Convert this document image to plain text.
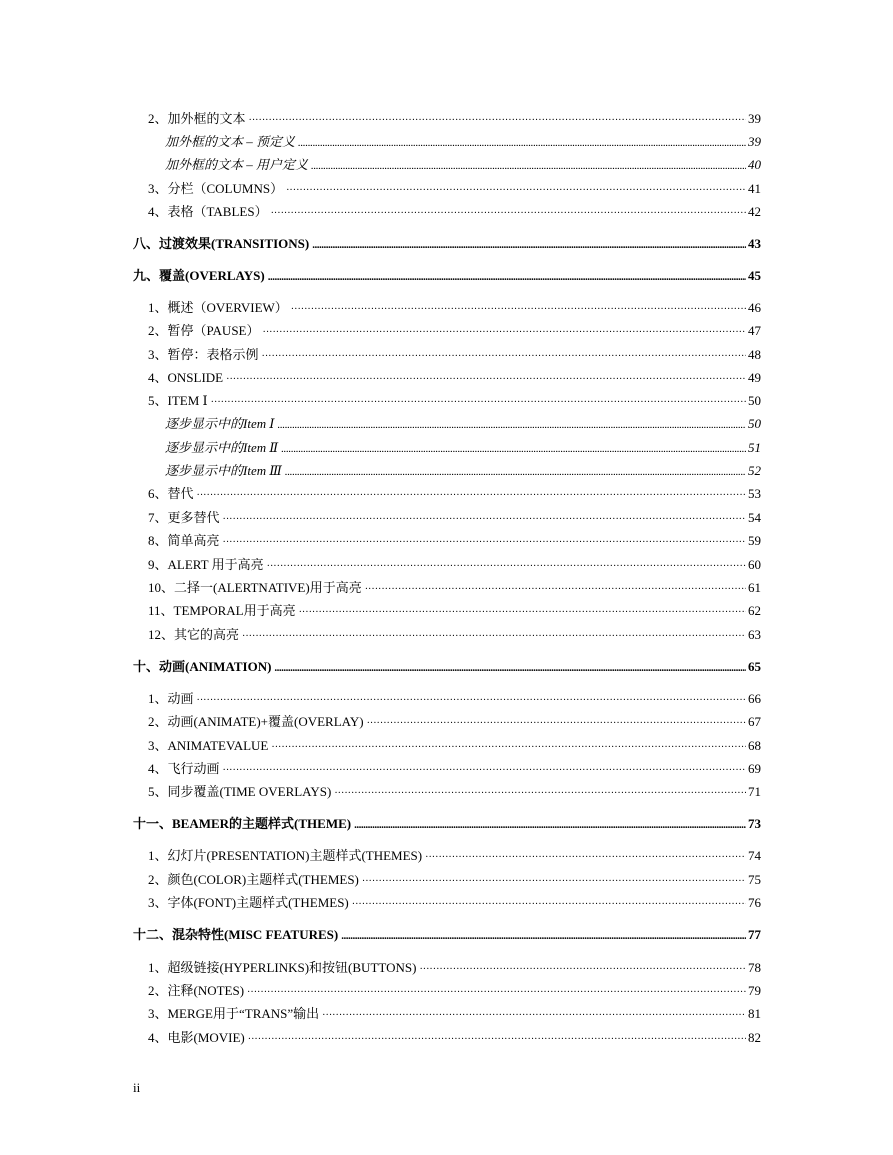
2、加外框的文本 ·····	39
加外框的文本 – 预定义 .....	39
加外框的文本 – 用户定义 .....	40
3、分栏（COLUMNS） ·····	41
4、表格（TABLES） ·····	42
八、过渡效果(TRANSITIONS) .....	43
九、覆盖(OVERLAYS) .....	45
1、概述（OVERVIEW） ·····	46
2、暂停（PAUSE） ·····	47
3、暂停：表格示例 ·····	48
4、ONSLIDE ·····	49
5、ITEM Ⅰ ·····	50
逐步显示中的Item Ⅰ .....	50
逐步显示中的Item Ⅱ .....	51
逐步显示中的Item Ⅲ .....	52
6、替代 ·····	53
7、更多替代 ·····	54
8、简单高亮 ·····	59
9、ALERT 用于高亮 ·····	60
10、二择一(ALERTNATIVE)用于高亮 ·····	61
11、TEMPORAL用于高亮 ·····	62
12、其它的高亮 ·····	63
十、动画(ANIMATION) .....	65
1、动画 ·····	66
2、动画(ANIMATE)+覆盖(OVERLAY) ·····	67
3、ANIMATEVALUE ·····	68
4、飞行动画 ·····	69
5、同步覆盖(TIME OVERLAYS) ·····	71
十一、BEAMER的主题样式(THEME) .....	73
1、幻灯片(PRESENTATION)主题样式(THEMES) ·····	74
2、颜色(COLOR)主题样式(THEMES) ·····	75
3、字体(FONT)主题样式(THEMES) ·····	76
十二、混杂特性(MISC FEATURES) .....	77
1、超级链接(HYPERLINKS)和按钮(BUTTONS) ·····	78
2、注释(NOTES) ·····	79
3、MERGE用于“TRANS”输出 ·····	81
4、电影(MOVIE) ·····	82
ii
